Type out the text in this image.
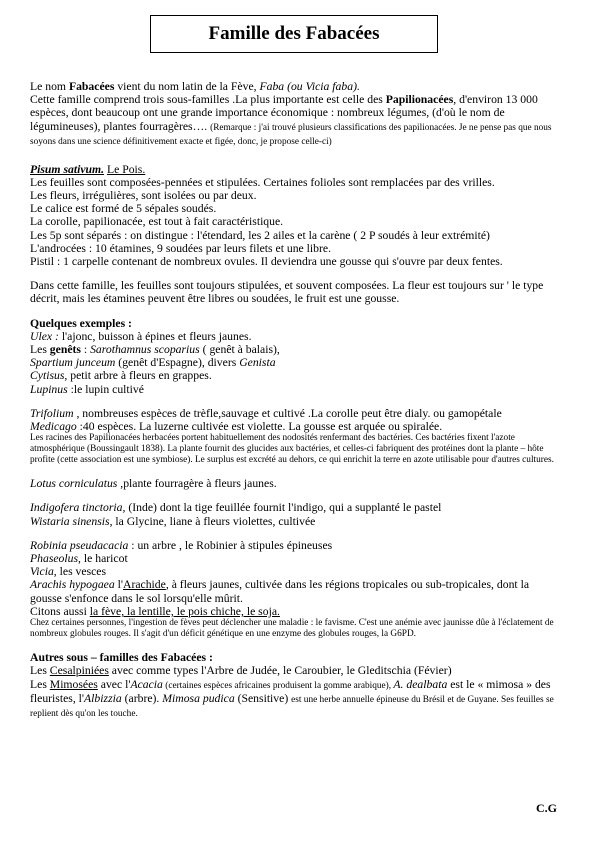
Famille des Fabacées

Le nom Fabacées vient du nom latin de la Fève, Faba (ou Vicia faba).

Cette famille comprend trois sous-familles .La plus importante est celle des Papilionacées, d'environ 13 000 espèces, dont beaucoup ont une grande importance économique : nombreux légumes, (d'où le nom de légumineuses), plantes fourragères…. (Remarque : j'ai trouvé plusieurs classifications des papilionacées. Je ne pense pas que nous soyons dans une science définitivement exacte et figée, donc, je propose celle-ci)

Pisum sativum. Le Pois.

Les feuilles sont composées-pennées et stipulées. Certaines folioles sont remplacées par des vrilles.

Les fleurs, irrégulières, sont isolées ou par deux.

Le calice est formé de 5 sépales soudés.

La corolle, papilionacée, est tout à fait caractéristique.

Les 5p sont séparés : on distingue : l'étendard, les 2 ailes et la carène ( 2 P soudés à leur extrémité)

L'androcées : 10 étamines, 9 soudées par leurs filets et une libre.

Pistil : 1 carpelle contenant de nombreux ovules. Il deviendra une gousse qui s'ouvre par deux fentes.

Dans cette famille, les feuilles sont toujours stipulées, et souvent composées. La fleur est toujours sur ' le type décrit, mais les étamines peuvent être libres ou soudées, le fruit est une gousse.

Quelques exemples :

Ulex : l'ajonc, buisson à épines et fleurs jaunes.

Les genêts : Sarothamnus scoparius ( genêt à balais),

Spartium junceum (genêt d'Espagne), divers Genista

Cytisus, petit arbre à fleurs en grappes.

Lupinus :le lupin cultivé

Trifolium , nombreuses espèces de trèfle,sauvage et cultivé .La corolle peut être dialy. ou gamopétale

Medicago :40 espèces. La luzerne cultivée est violette. La gousse est arquée ou spiralée.

Les racines des Papilionacées herbacées portent habituellement des nodosités renfermant des bactéries. Ces bactéries fixent l'azote atmosphérique (Boussingault 1838). La plante fournit des glucides aux bactéries, et celles-ci fabriquent des protéines dont la plante – hôte profite (cette association est une symbiose). Le surplus est excrété au dehors, ce qui enrichit la terre en azote utilisable pour d'autres cultures.

Lotus corniculatus ,plante fourragère à fleurs jaunes.

Indigofera tinctoria, (Inde) dont la tige feuillée fournit l'indigo, qui a supplanté le pastel

Wistaria sinensis, la Glycine, liane à fleurs violettes, cultivée

Robinia pseudacacia : un arbre , le Robinier à stipules épineuses

Phaseolus, le haricot

Vicia, les vesces

Arachis hypogaea l'Arachide, à fleurs jaunes, cultivée dans les régions tropicales ou sub-tropicales, dont la gousse s'enfonce dans le sol lorsqu'elle mûrit.

Citons aussi la fève, la lentille, le pois chiche, le soja.

Chez certaines personnes, l'ingestion de fèves peut déclencher une maladie : le favisme. C'est une anémie avec jaunisse dûe à l'éclatement de nombreux globules rouges. Il s'agit d'un déficit génétique en une enzyme des globules rouges, la G6PD.

Autres sous – familles des Fabacées :

Les Cesalpiniées avec comme types l'Arbre de Judée, le Caroubier, le Gleditschia (Févier)

Les Mimosées avec l'Acacia (certaines espèces africaines produisent la gomme arabique), A. dealbata est le « mimosa » des fleuristes, l'Albizzia (arbre). Mimosa pudica (Sensitive) est une herbe annuelle épineuse du Brésil et de Guyane. Ses feuilles se replient dès qu'on les touche.

C.G
